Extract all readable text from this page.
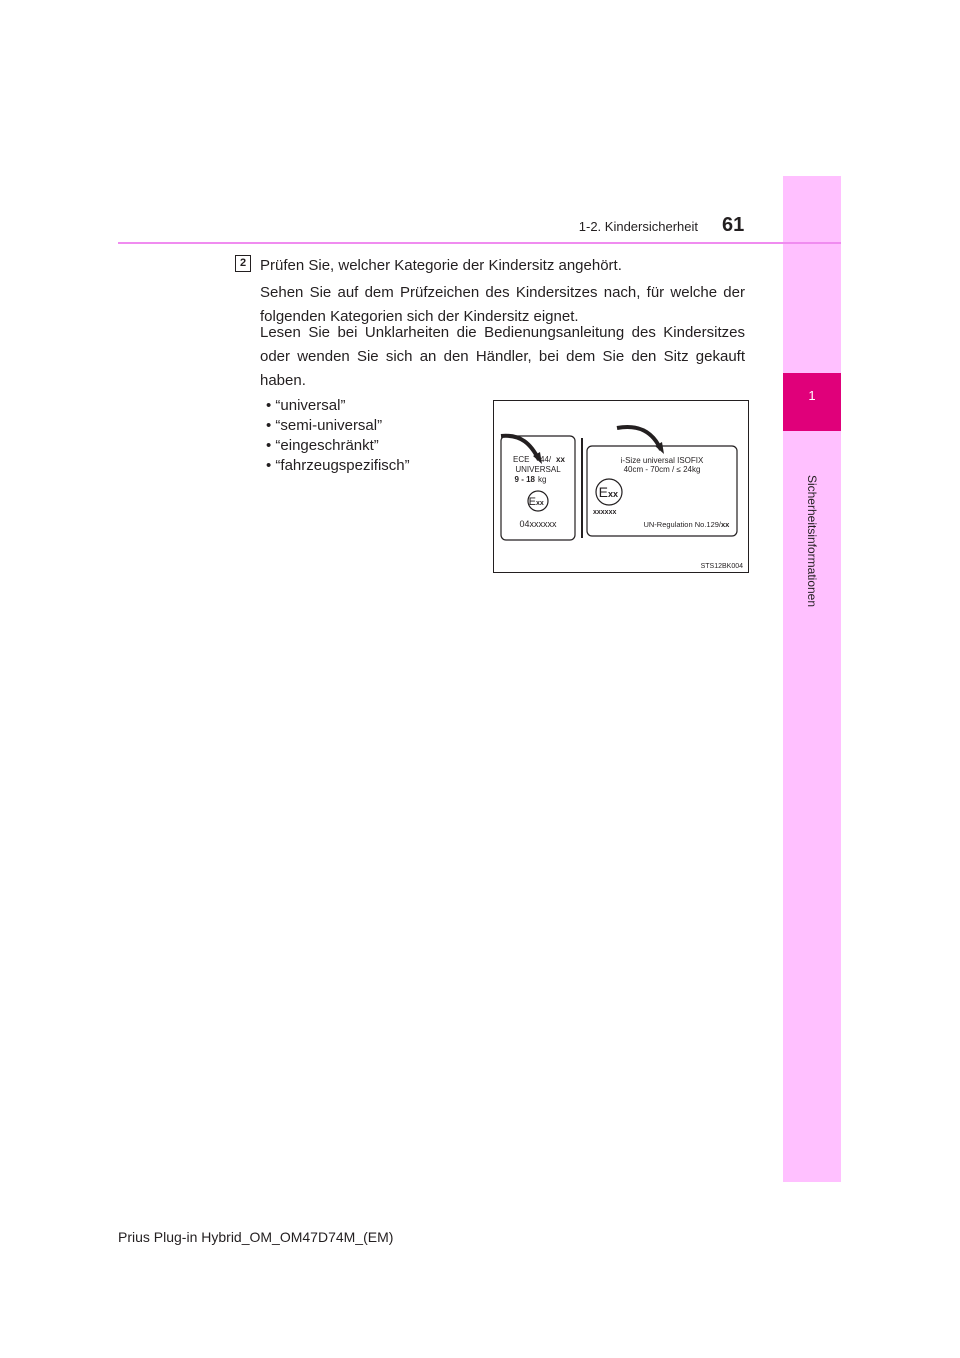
1
Sicherheitsinformationen
1-2. Kindersicherheit 61
2 Prüfen Sie, welcher Kategorie der Kindersitz angehört.

Sehen Sie auf dem Prüfzeichen des Kindersitzes nach, für welche der folgenden Kategorien sich der Kindersitz eignet.

Lesen Sie bei Unklarheiten die Bedienungsanleitung des Kindersitzes oder wenden Sie sich an den Händler, bei dem Sie den Sitz gekauft haben.

• “universal”
• “semi-universal”
• “eingeschränkt”
• “fahrzeugspezifisch”	ECE 44/ xx
UNIVERSAL
9 - 18 kg
E xx
04xxxxxx
i-Size universal ISOFIX
40cm - 70cm / ≤ 24kg
E xx
xxxxxx
UN-Regulation No.129/ xx
STS12BK004
Prius Plug-in Hybrid_OM_OM47D74M_(EM)
